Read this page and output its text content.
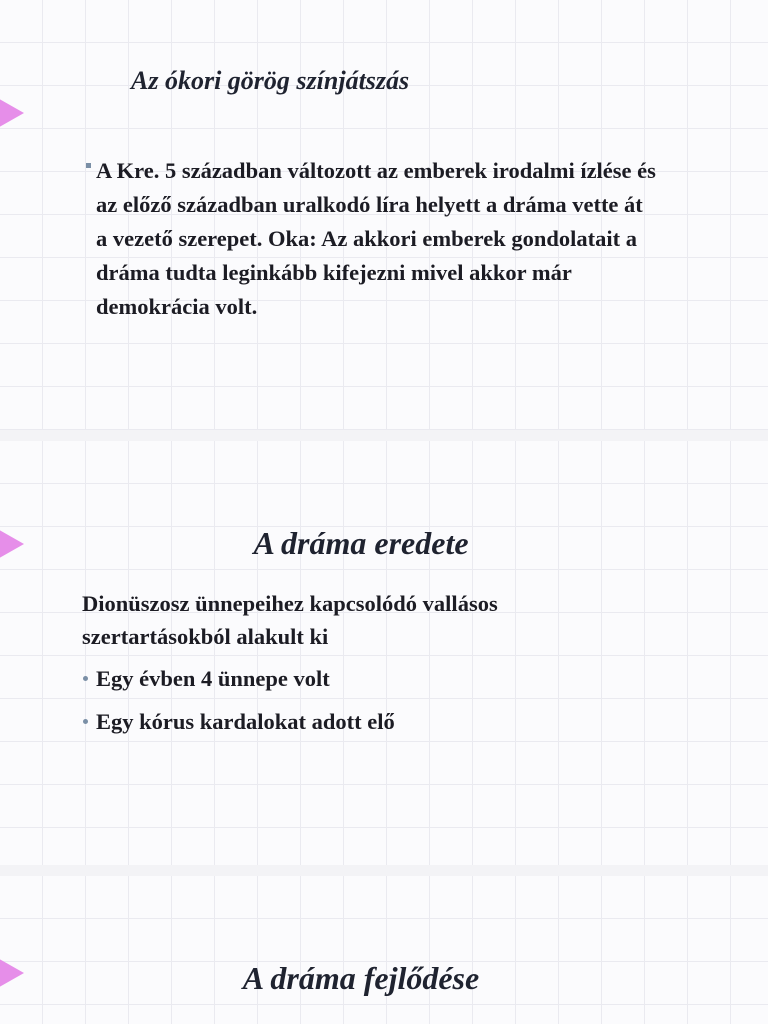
Az ókori görög színjátszás

A Kre. 5 században változott az emberek irodalmi ízlése és az előző században uralkodó líra helyett a dráma vette át a vezető szerepet. Oka: Az akkori emberek gondolatait a dráma tudta leginkább kifejezni mivel akkor már demokrácia volt.

A dráma eredete

Dionüszosz ünnepeihez kapcsolódó vallásos szertartásokból alakult ki

Egy évben 4 ünnepe volt
Egy kórus kardalokat adott elő
A dráma fejlődése
